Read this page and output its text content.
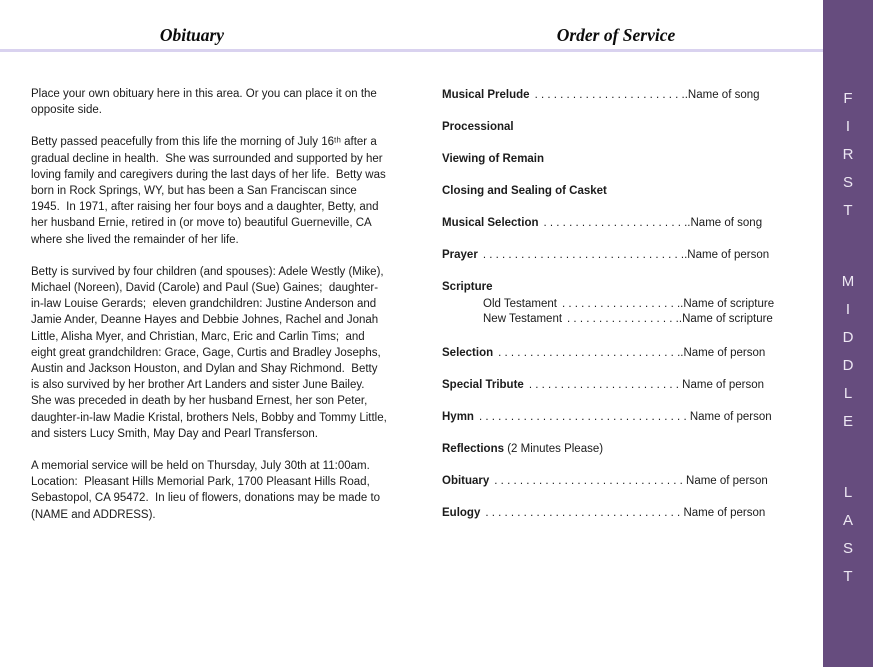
Obituary	Order of Service

Place your own obituary here in this area. Or you can place it on the opposite side.

Betty passed peacefully from this life the morning of July 16ᵗʰ after a gradual decline in health.  She was surrounded and supported by her loving family and caregivers during the last days of her life.  Betty was born in Rock Springs, WY, but has been a San Franciscan since 1945.  In 1971, after raising her four boys and a daughter, Betty, and her husband Ernie, retired in (or move to) beautiful Guerneville, CA where she lived the remainder of her life.

Betty is survived by four children (and spouses): Adele Westly (Mike), Michael (Noreen), David (Carole) and Paul (Sue) Gaines;  daughter-in-law Louise Gerards;  eleven grandchildren: Justine Anderson and Jamie Ander, Deanne Hayes and Debbie Johnes, Rachel and Jonah Little, Alisha Myer, and Christian, Marc, Eric and Carlin Tims;  and eight great grandchildren: Grace, Gage, Curtis and Bradley Josephs, Austin and Jackson Houston, and Dylan and Shay Richmond.  Betty is also survived by her brother Art Landers and sister June Bailey.  She was preceded in death by her husband Ernest, her son Peter, daughter-in-law Madie Kristal, brothers Nels, Bobby and Tommy Little, and sisters Lucy Smith, May Day and Pearl Transferson.

A memorial service will be held on Thursday, July 30th at 11:00am.  Location:  Pleasant Hills Memorial Park, 1700 Pleasant Hills Road, Sebastopol, CA 95472.  In lieu of flowers, donations may be made to (NAME and ADDRESS).

Musical Prelude . . . . . . . . . . . . . . . . . . . . . . . ..Name of song
Processional
Viewing of Remain
Closing and Sealing of Casket
Musical Selection . . . . . . . . . . . . . . . . . . . . . . ..Name of song
Prayer . . . . . . . . . . . . . . . . . . . . . . . . . . . . . . . ..Name of person
Scripture
Old Testament . . . . . . . . . . . . . . . . . . ..Name of scripture
New Testament . . . . . . . . . . . . . . . . . ..Name of scripture
Selection . . . . . . . . . . . . . . . . . . . . . . . . . . . . ..Name of person
Special Tribute . . . . . . . . . . . . . . . . . . . . . . . . Name of person
Hymn . . . . . . . . . . . . . . . . . . . . . . . . . . . . . . . . . Name of person
Reflections (2 Minutes Please)
Obituary . . . . . . . . . . . . . . . . . . . . . . . . . . . . . . Name of person
Eulogy . . . . . . . . . . . . . . . . . . . . . . . . . . . . . . . Name of person
FIRST
MIDDLE
LAST
